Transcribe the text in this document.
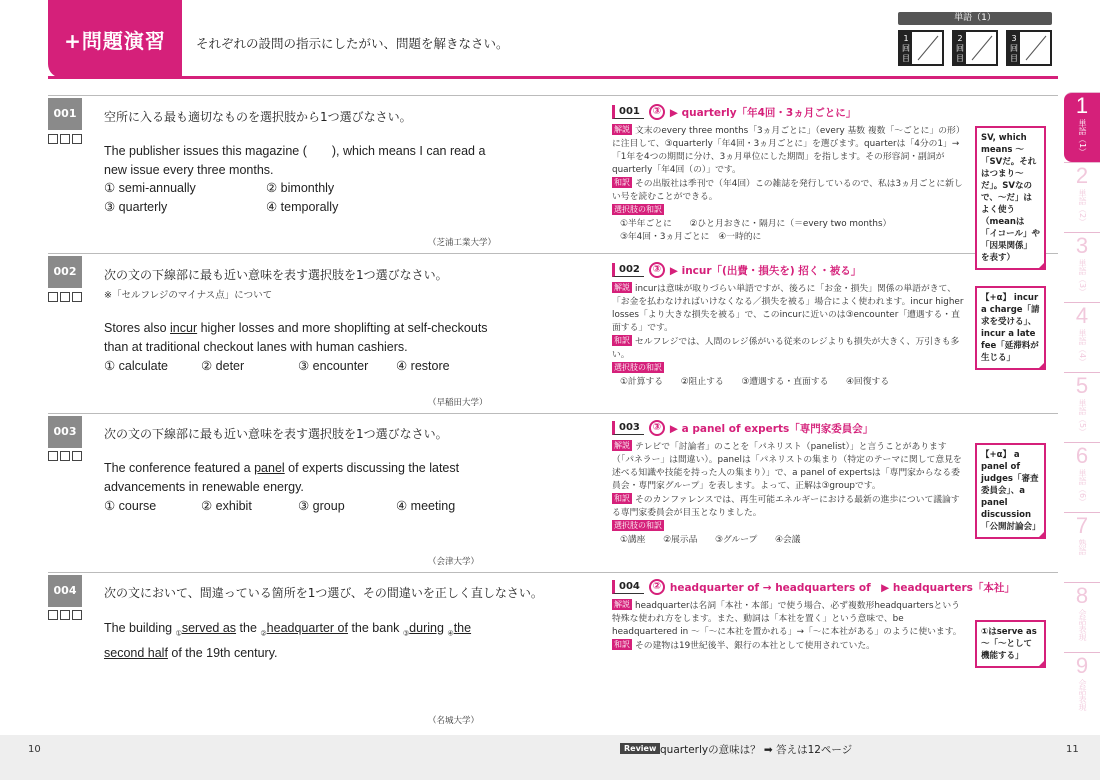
+問題演習	それぞれの設問の指示にしたがい、問題を解きなさい。
単語（1）
1回目
2回目
3回目
001	空所に入る最も適切なものを選択肢から1つ選びなさい。
The publisher issues this magazine (　　), which means I can read a new issue every three months.
① semi-annually	② bimonthly
③ quarterly	④ temporally
（芝浦工業大学）
002	次の文の下線部に最も近い意味を表す選択肢を1つ選びなさい。
※「セルフレジのマイナス点」について
Stores also incur higher losses and more shoplifting at self-checkouts than at traditional checkout lanes with human cashiers.
① calculate	② deter	③ encounter ④ restore
（早稲田大学）
003	次の文の下線部に最も近い意味を表す選択肢を1つ選びなさい。
The conference featured a panel of experts discussing the latest advancements in renewable energy.
① course	② exhibit	③ group	④ meeting
（会津大学）
004	次の文において、間違っている箇所を1つ選び、その間違いを正しく直しなさい。
The building $_①$served as the $_②$headquarter of the bank $_③$during $_④$the second half of the 19th century.
（名城大学）
001	③ ▶ quarterly「年4回・3ヵ月ごとに」
解説 文末のevery three months「3ヵ月ごとに」（every 基数 複数「～ごとに」の形）に注目して、③quarterly「年4回・3ヵ月ごとに」を選びます。quarterは「4分の1」→「1年を4つの期間に分け、3ヵ月単位にした期間」を指します。その形容詞・副詞がquarterly「年4回（の）」です。
和訳 その出版社は季刊で（年4回）この雑誌を発行しているので、私は3ヵ月ごとに新しい号を読むことができる。
選択肢の和訳
①半年ごとに　　 ②ひと月おきに・隔月に（＝every two months）
③年4回・3ヵ月ごとに　 ④一時的に
SV, which means ～「SVだ。それはつまり～だ」。SVなので、～だ」はよく使う（meanは「イコール」や「因果関係」を表す）
002	③ ▶ incur「(出費・損失を) 招く・被る」
解説 incurは意味が取りづらい単語ですが、後ろに「お金・損失」関係の単語がきて、「お金を払わなければいけなくなる／損失を被る」場合によく使われます。incur higher losses「より大きな損失を被る」で、このincurに近いのは③encounter「遭遇する・直面する」です。
和訳 セルフレジでは、人間のレジ係がいる従来のレジよりも損失が大きく、万引きも多い。
選択肢の和訳
①計算する　　 ②阻止する　　 ③遭遇する・直面する　　 ④回復する
【+α】 incur a charge「請求を受ける」、incur a late fee「延滞料が生じる」
003	③ ▶ a panel of experts「専門家委員会」
解説 テレビで「討論者」のことを「パネリスト（panelist）」と言うことがあります（「パネラー」は間違い）。panelは「パネリストの集まり（特定のテーマに関して意見を述べる知識や技能を持った人の集まり）」で、a panel of expertsは「専門家からなる委員会・専門家グループ」を表します。よって、正解は③groupです。
和訳 そのカンファレンスでは、再生可能エネルギーにおける最新の進歩について議論する専門家委員会が目玉となりました。
選択肢の和訳
①講座　　 ②展示品　　 ③グループ　　 ④会議
【+α】 a panel of judges「審査委員会」、a panel discussion「公開討論会」
004	② headquarter of → headquarters of　▶ headquarters「本社」
解説 headquarterは名詞「本社・本部」で使う場合、必ず複数形headquartersという特殊な使われ方をします。また、動詞は「本社を置く」という意味で、be headquartered in ～「～に本社を置かれる」→「～に本社がある」のように使います。
和訳 その建物は19世紀後半、銀行の本社として使用されていた。
①はserve as ～「～として機能する」
1
単語（1）
2
単語（2）
3
単語（3）
4
単語（4）
5
単語（5）
6
単語（6）
7
熟語
8
会話表現
9
会話表現
10	11
Review quarterlyの意味は？ ➡ 答えは12ページ
